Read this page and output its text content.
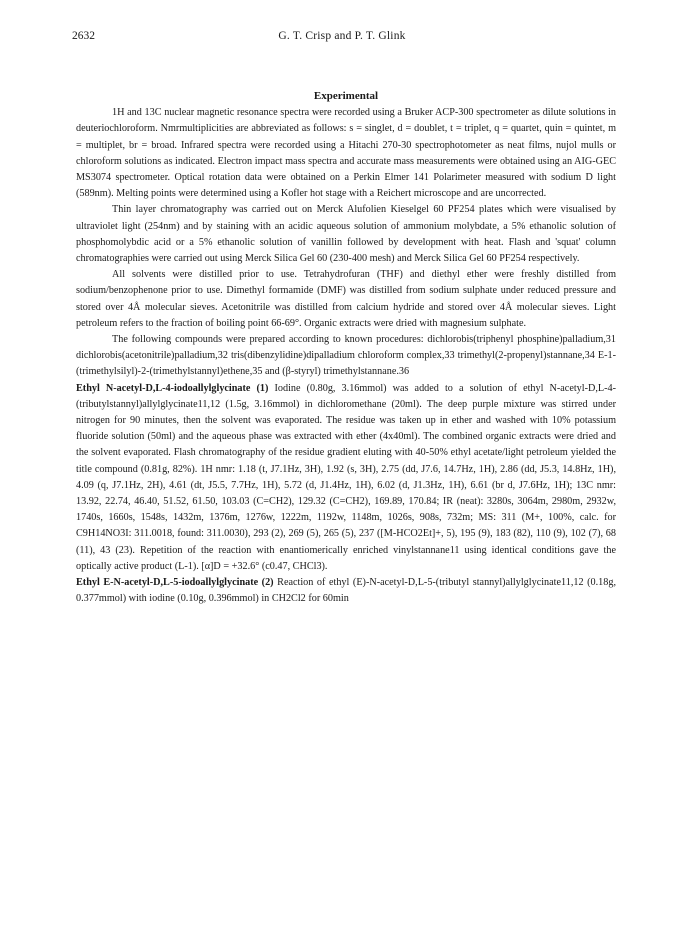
2632	G. T. Crisp and P. T. Glink
Experimental

1H and 13C nuclear magnetic resonance spectra were recorded using a Bruker ACP-300 spectrometer as dilute solutions in deuteriochloroform. Nmrmultiplicities are abbreviated as follows: s = singlet, d = doublet, t = triplet, q = quartet, quin = quintet, m = multiplet, br = broad. Infrared spectra were recorded using a Hitachi 270-30 spectrophotometer as neat films, nujol mulls or chloroform solutions as indicated. Electron impact mass spectra and accurate mass measurements were obtained using an AIG-GEC MS3074 spectrometer. Optical rotation data were obtained on a Perkin Elmer 141 Polarimeter measured with sodium D light (589nm). Melting points were determined using a Kofler hot stage with a Reichert microscope and are uncorrected.

Thin layer chromatography was carried out on Merck Alufolien Kieselgel 60 PF254 plates which were visualised by ultraviolet light (254nm) and by staining with an acidic aqueous solution of ammonium molybdate, a 5% ethanolic solution of phosphomolybdic acid or a 5% ethanolic solution of vanillin followed by development with heat. Flash and 'squat' column chromatographies were carried out using Merck Silica Gel 60 (230-400 mesh) and Merck Silica Gel 60 PF254 respectively.

All solvents were distilled prior to use. Tetrahydrofuran (THF) and diethyl ether were freshly distilled from sodium/benzophenone prior to use. Dimethyl formamide (DMF) was distilled from sodium sulphate under reduced pressure and stored over 4Å molecular sieves. Acetonitrile was distilled from calcium hydride and stored over 4Å molecular sieves. Light petroleum refers to the fraction of boiling point 66-69°. Organic extracts were dried with magnesium sulphate.

The following compounds were prepared according to known procedures: dichlorobis(triphenyl phosphine)palladium,31 dichlorobis(acetonitrile)palladium,32 tris(dibenzylidine)dipalladium chloroform complex,33 trimethyl(2-propenyl)stannane,34 E-1-(trimethylsilyl)-2-(trimethylstannyl)ethene,35 and (β-styryl) trimethylstannane.36

Ethyl N-acetyl-D,L-4-iodoallylglycinate (1) Iodine (0.80g, 3.16mmol) was added to a solution of ethyl N-acetyl-D,L-4-(tributylstannyl)allylglycinate11,12 (1.5g, 3.16mmol) in dichloromethane (20ml). The deep purple mixture was stirred under nitrogen for 90 minutes, then the solvent was evaporated. The residue was taken up in ether and washed with 10% potassium fluoride solution (50ml) and the aqueous phase was extracted with ether (4x40ml). The combined organic extracts were dried and the solvent evaporated. Flash chromatography of the residue gradient eluting with 40-50% ethyl acetate/light petroleum yielded the title compound (0.81g, 82%). 1H nmr: 1.18 (t, J7.1Hz, 3H), 1.92 (s, 3H), 2.75 (dd, J7.6, 14.7Hz, 1H), 2.86 (dd, J5.3, 14.8Hz, 1H), 4.09 (q, J7.1Hz, 2H), 4.61 (dt, J5.5, 7.7Hz, 1H), 5.72 (d, J1.4Hz, 1H), 6.02 (d, J1.3Hz, 1H), 6.61 (br d, J7.6Hz, 1H); 13C nmr: 13.92, 22.74, 46.40, 51.52, 61.50, 103.03 (C=CH2), 129.32 (C=CH2), 169.89, 170.84; IR (neat): 3280s, 3064m, 2980m, 2932w, 1740s, 1660s, 1548s, 1432m, 1376m, 1276w, 1222m, 1192w, 1148m, 1026s, 908s, 732m; MS: 311 (M+, 100%, calc. for C9H14NO3I: 311.0018, found: 311.0030), 293 (2), 269 (5), 265 (5), 237 ([M-HCO2Et]+, 5), 195 (9), 183 (82), 110 (9), 102 (7), 68 (11), 43 (23). Repetition of the reaction with enantiomerically enriched vinylstannane11 using identical conditions gave the optically active product (L-1). [α]D = +32.6° (c0.47, CHCl3).

Ethyl E-N-acetyl-D,L-5-iodoallylglycinate (2) Reaction of ethyl (E)-N-acetyl-D,L-5-(tributyl stannyl)allylglycinate11,12 (0.18g, 0.377mmol) with iodine (0.10g, 0.396mmol) in CH2Cl2 for 60min
